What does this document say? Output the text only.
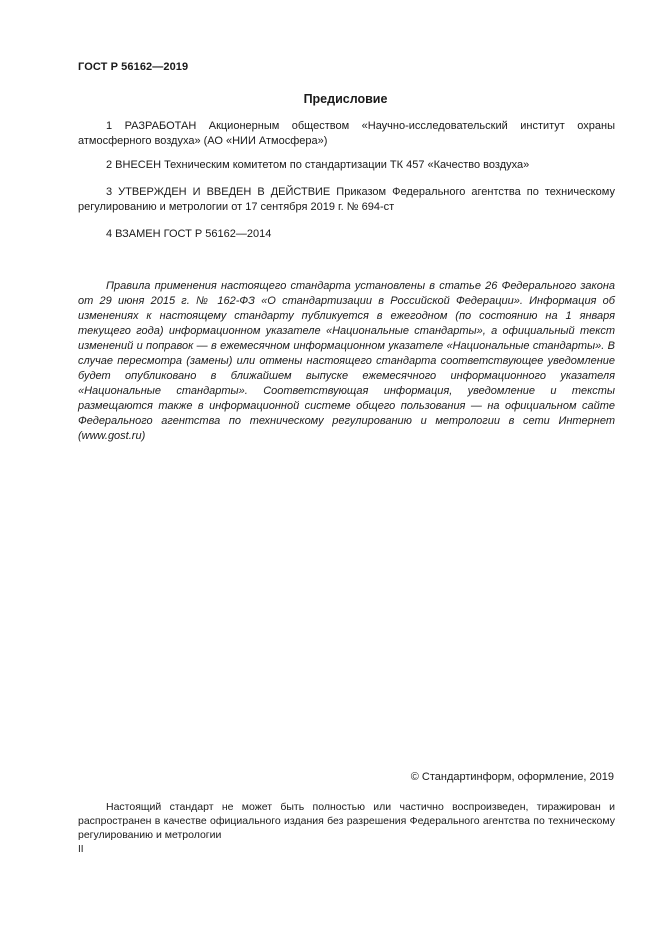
ГОСТ Р 56162—2019
Предисловие

1 РАЗРАБОТАН Акционерным обществом «Научно-исследовательский институт охраны атмосферного воздуха» (АО «НИИ Атмосфера»)

2 ВНЕСЕН Техническим комитетом по стандартизации ТК 457 «Качество воздуха»

3 УТВЕРЖДЕН И ВВЕДЕН В ДЕЙСТВИЕ Приказом Федерального агентства по техническому регулированию и метрологии от 17 сентября 2019 г. № 694-ст

4 ВЗАМЕН ГОСТ Р 56162—2014

Правила применения настоящего стандарта установлены в статье 26 Федерального закона от 29 июня 2015 г. № 162-ФЗ «О стандартизации в Российской Федерации». Информация об изменениях к настоящему стандарту публикуется в ежегодном (по состоянию на 1 января текущего года) информационном указателе «Национальные стандарты», а официальный текст изменений и поправок — в ежемесячном информационном указателе «Национальные стандарты». В случае пересмотра (замены) или отмены настоящего стандарта соответствующее уведомление будет опубликовано в ближайшем выпуске ежемесячного информационного указателя «Национальные стандарты». Соответствующая информация, уведомление и тексты размещаются также в информационной системе общего пользования — на официальном сайте Федерального агентства по техническому регулированию и метрологии в сети Интернет (www.gost.ru)

© Стандартинформ, оформление, 2019

Настоящий стандарт не может быть полностью или частично воспроизведен, тиражирован и распространен в качестве официального издания без разрешения Федерального агентства по техническому регулированию и метрологии

II
